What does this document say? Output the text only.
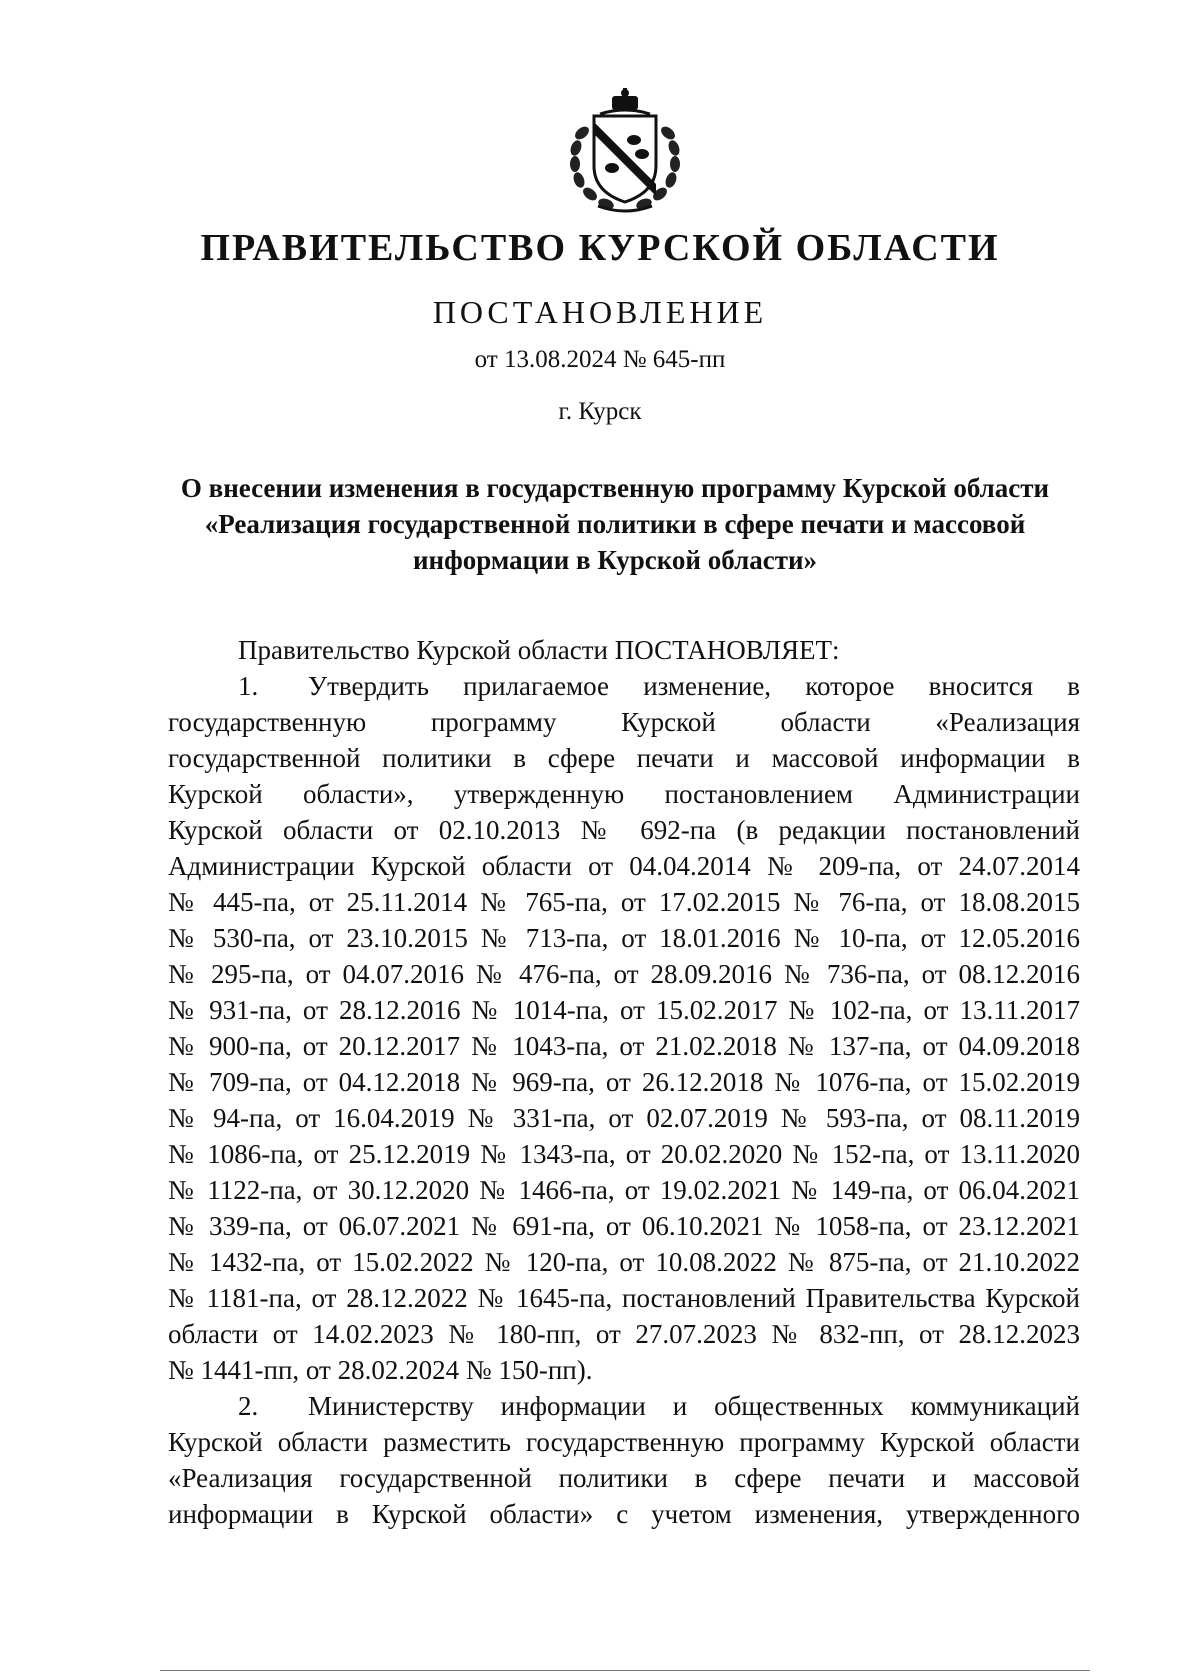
ПРАВИТЕЛЬСТВО КУРСКОЙ ОБЛАСТИ
ПОСТАНОВЛЕНИЕ
от 13.08.2024 № 645-пп
г. Курск
О внесении изменения в государственную программу Курской области
«Реализация государственной политики в сфере печати и массовой
информации в Курской области»
Правительство Курской области ПОСТАНОВЛЯЕТ:
1.	Утвердить прилагаемое изменение, которое вносится в
государственную программу Курской области «Реализация
государственной политики в сфере печати и массовой информации в
Курской области», утвержденную постановлением Администрации
Курской области от 02.10.2013 № 692-па (в редакции постановлений
Администрации Курской области от 04.04.2014 № 209-па, от 24.07.2014
№ 445-па, от 25.11.2014 № 765-па, от 17.02.2015 № 76-па, от 18.08.2015
№ 530-па, от 23.10.2015 № 713-па, от 18.01.2016 № 10-па, от 12.05.2016
№ 295-па, от 04.07.2016 № 476-па, от 28.09.2016 № 736-па, от 08.12.2016
№ 931-па, от 28.12.2016 № 1014-па, от 15.02.2017 № 102-па, от 13.11.2017
№ 900-па, от 20.12.2017 № 1043-па, от 21.02.2018 № 137-па, от 04.09.2018
№ 709-па, от 04.12.2018 № 969-па, от 26.12.2018 № 1076-па, от 15.02.2019
№ 94-па, от 16.04.2019 № 331-па, от 02.07.2019 № 593-па, от 08.11.2019
№ 1086-па, от 25.12.2019 № 1343-па, от 20.02.2020 № 152-па, от 13.11.2020
№ 1122-па, от 30.12.2020 № 1466-па, от 19.02.2021 № 149-па, от 06.04.2021
№ 339-па, от 06.07.2021 № 691-па, от 06.10.2021 № 1058-па, от 23.12.2021
№ 1432-па, от 15.02.2022 № 120-па, от 10.08.2022 № 875-па, от 21.10.2022
№ 1181-па, от 28.12.2022 № 1645-па, постановлений Правительства Курской
области от 14.02.2023 № 180-пп, от 27.07.2023 № 832-пп, от 28.12.2023
№ 1441-пп, от 28.02.2024 № 150-пп).
2.	Министерству информации и общественных коммуникаций
Курской области разместить государственную программу Курской области
«Реализация государственной политики в сфере печати и массовой
информации в Курской области» с учетом изменения, утвержденного
